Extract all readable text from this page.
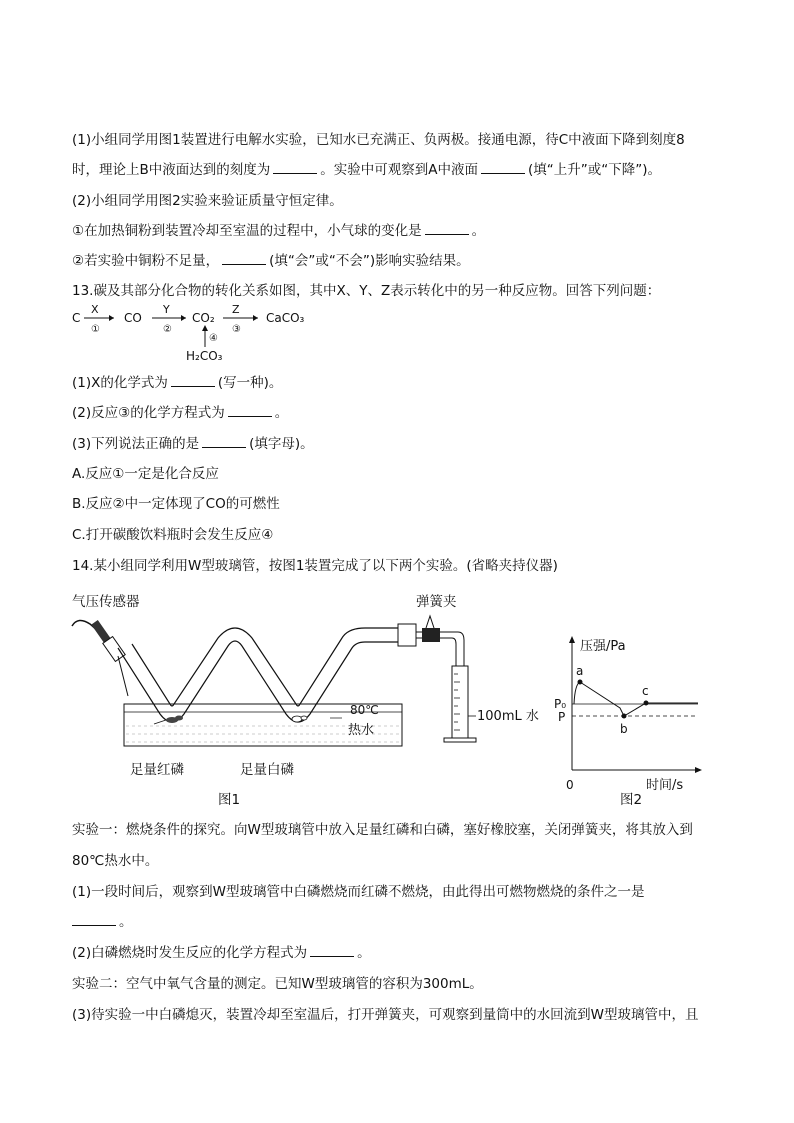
(1)小组同学用图1装置进行电解水实验，已知水已充满正、负两极。接通电源，待C中液面下降到刻度8
时，理论上B中液面达到的刻度为	。实验中可观察到A中液面	(填“上升”或“下降”)。
(2)小组同学用图2实验来验证质量守恒定律。
①在加热铜粉到装置冷却至室温的过程中，小气球的变化是	。
②若实验中铜粉不足量，	(填“会”或“不会”)影响实验结果。
13.碳及其部分化合物的转化关系如图，其中X、Y、Z表示转化中的另一种反应物。回答下列问题：
C
X
①
CO
Y
②
CO₂
Z
③
CaCO₃
④
H₂CO₃
(1)X的化学式为	(写一种)。
(2)反应③的化学方程式为	。
(3)下列说法正确的是	(填字母)。
A.反应①一定是化合反应
B.反应②中一定体现了CO的可燃性
C.打开碳酸饮料瓶时会发生反应④
14.某小组同学利用W型玻璃管，按图1装置完成了以下两个实验。(省略夹持仪器)
气压传感器	弹簧夹
100mL 水
80℃
热水
足量红磷	足量白磷
图1
压强/Pa
时间/s
0
P₀
P
a
b
c
图2
实验一：燃烧条件的探究。向W型玻璃管中放入足量红磷和白磷，塞好橡胶塞，关闭弹簧夹，将其放入到
80℃热水中。
(1)一段时间后，观察到W型玻璃管中白磷燃烧而红磷不燃烧，由此得出可燃物燃烧的条件之一是
。
(2)白磷燃烧时发生反应的化学方程式为	。
实验二：空气中氧气含量的测定。已知W型玻璃管的容积为300mL。
(3)待实验一中白磷熄灭，装置冷却至室温后，打开弹簧夹，可观察到量筒中的水回流到W型玻璃管中，且
